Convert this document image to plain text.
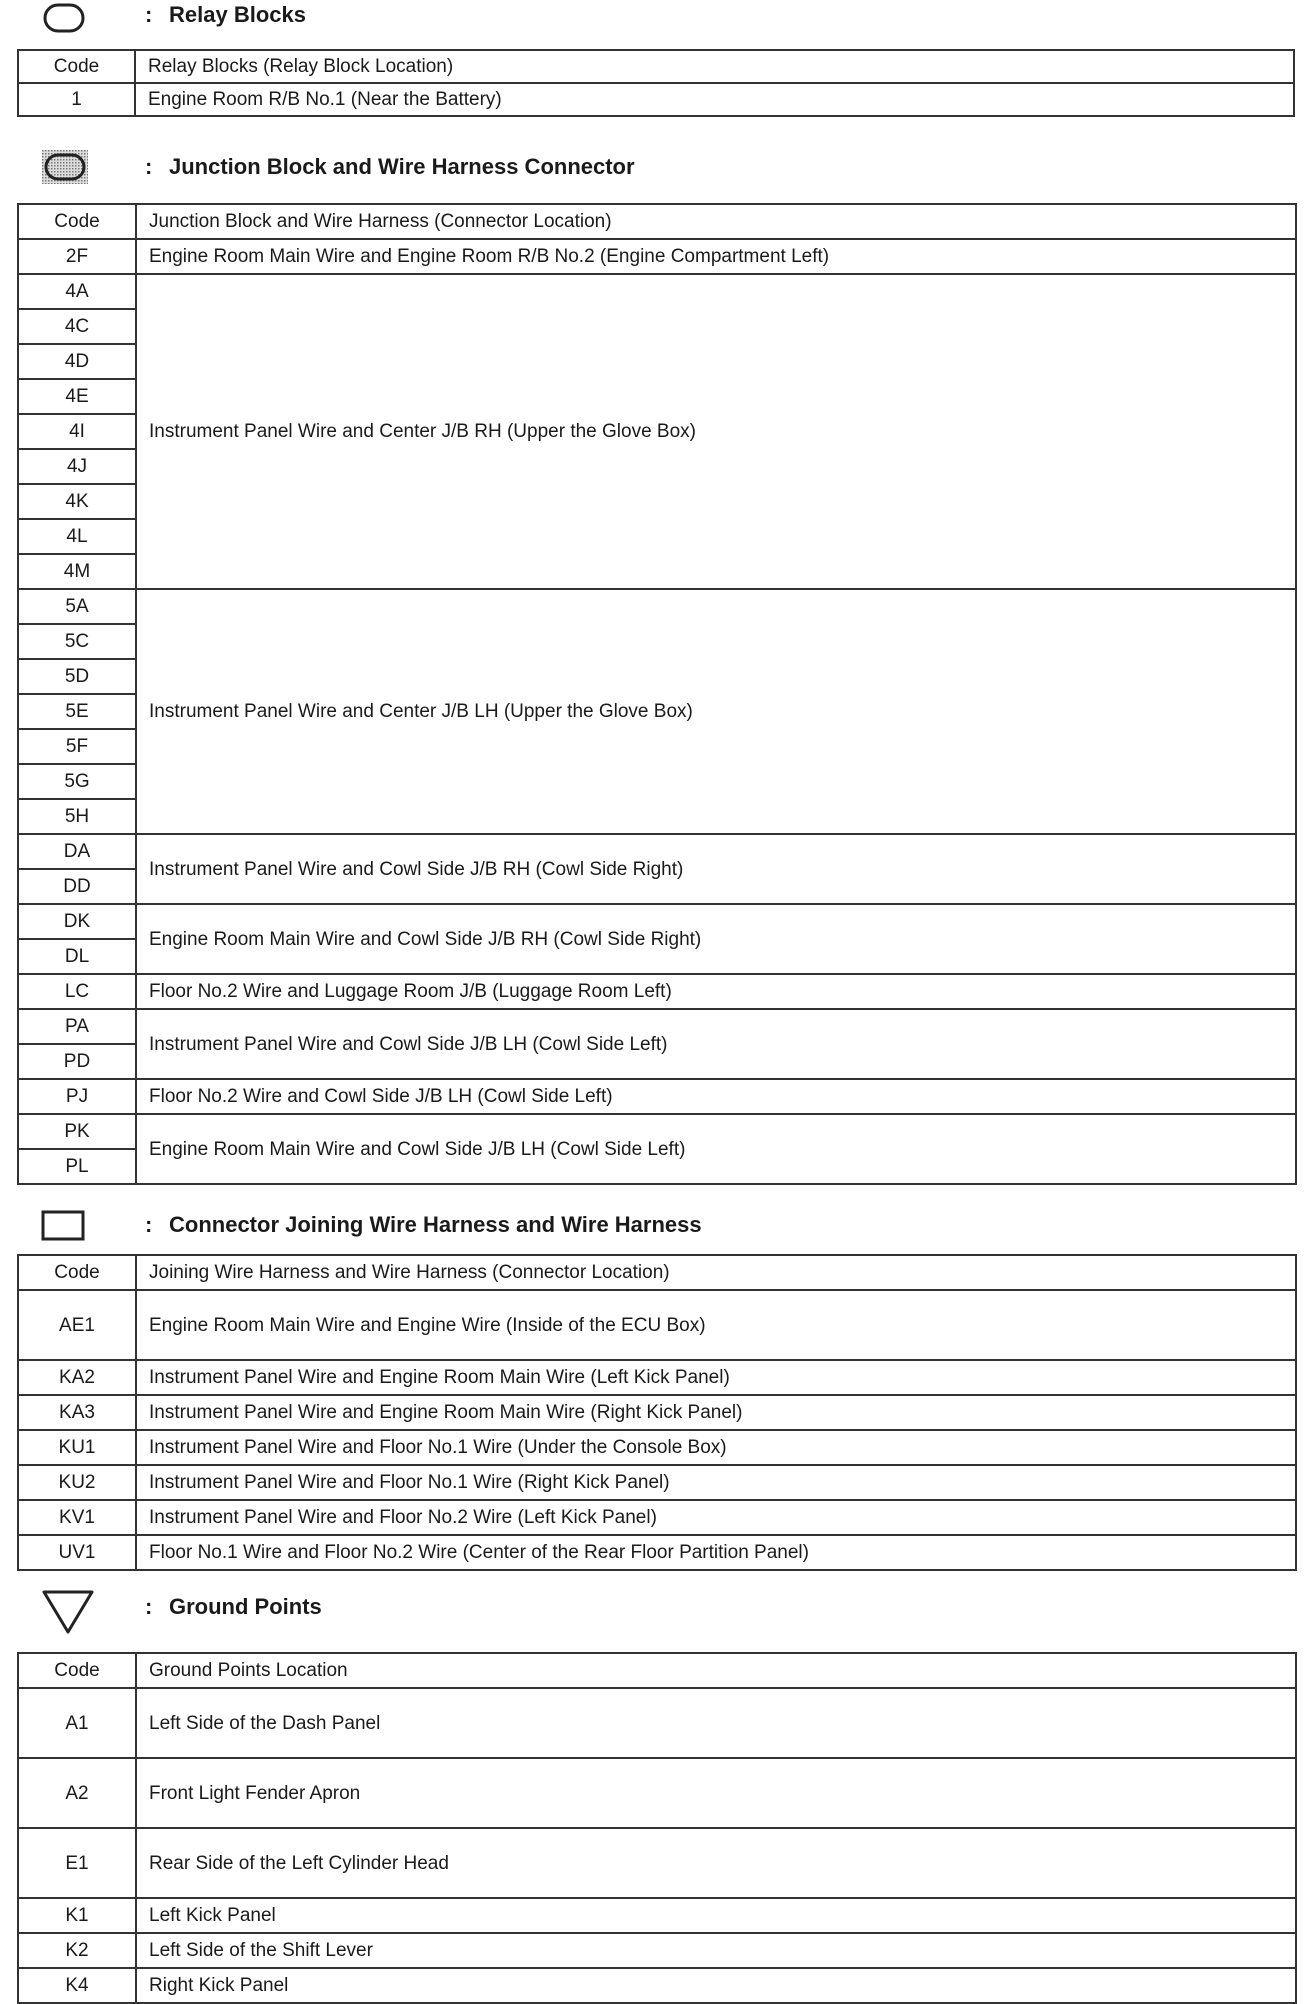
: Relay Blocks
Code	Relay Blocks (Relay Block Location)
1	Engine Room R/B No.1 (Near the Battery)
: Junction Block and Wire Harness Connector
Code	Junction Block and Wire Harness (Connector Location)
2F	Engine Room Main Wire and Engine Room R/B No.2 (Engine Compartment Left)
4A	Instrument Panel Wire and Center J/B RH (Upper the Glove Box)
4C	
4D	
4E	
4I	
4J	
4K	
4L	
4M	
5A	Instrument Panel Wire and Center J/B LH (Upper the Glove Box)
5C	
5D	
5E	
5F	
5G	
5H	
DA	Instrument Panel Wire and Cowl Side J/B RH (Cowl Side Right)
DD	
DK	Engine Room Main Wire and Cowl Side J/B RH (Cowl Side Right)
DL	
LC	Floor No.2 Wire and Luggage Room J/B (Luggage Room Left)
PA	Instrument Panel Wire and Cowl Side J/B LH (Cowl Side Left)
PD	
PJ	Floor No.2 Wire and Cowl Side J/B LH (Cowl Side Left)
PK	Engine Room Main Wire and Cowl Side J/B LH (Cowl Side Left)
PL	
: Connector Joining Wire Harness and Wire Harness
Code	Joining Wire Harness and Wire Harness (Connector Location)
AE1	Engine Room Main Wire and Engine Wire (Inside of the ECU Box)
KA2	Instrument Panel Wire and Engine Room Main Wire (Left Kick Panel)
KA3	Instrument Panel Wire and Engine Room Main Wire (Right Kick Panel)
KU1	Instrument Panel Wire and Floor No.1 Wire (Under the Console Box)
KU2	Instrument Panel Wire and Floor No.1 Wire (Right Kick Panel)
KV1	Instrument Panel Wire and Floor No.2 Wire (Left Kick Panel)
UV1	Floor No.1 Wire and Floor No.2 Wire (Center of the Rear Floor Partition Panel)
: Ground Points
Code	Ground Points Location
A1	Left Side of the Dash Panel
A2	Front Light Fender Apron
E1	Rear Side of the Left Cylinder Head
K1	Left Kick Panel
K2	Left Side of the Shift Lever
K4	Right Kick Panel
